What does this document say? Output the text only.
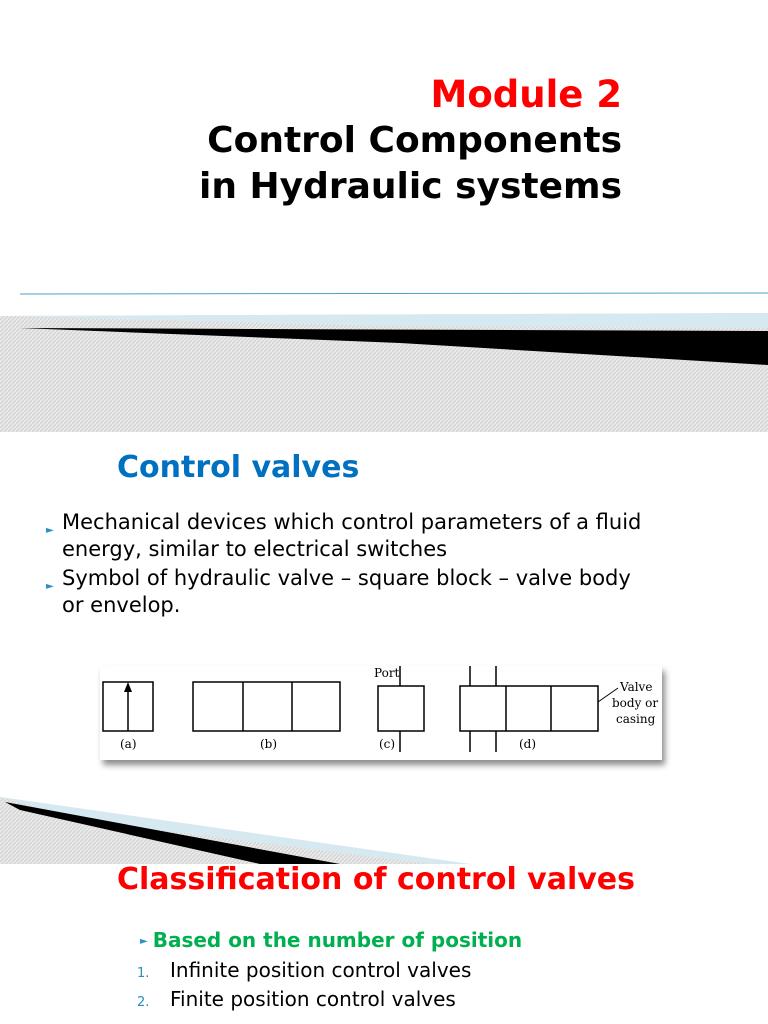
Module 2
Control Components
in Hydraulic systems
Control valves
► Mechanical devices which control parameters of a fluid energy, similar to electrical switches
► Symbol of hydraulic valve – square block – valve body or envelop.
(a)	(b)
Port
(c)	(d)
Valve
body or
casing
Classification of control valves
► Based on the number of position
1. Infinite position control valves
2. Finite position control valves
